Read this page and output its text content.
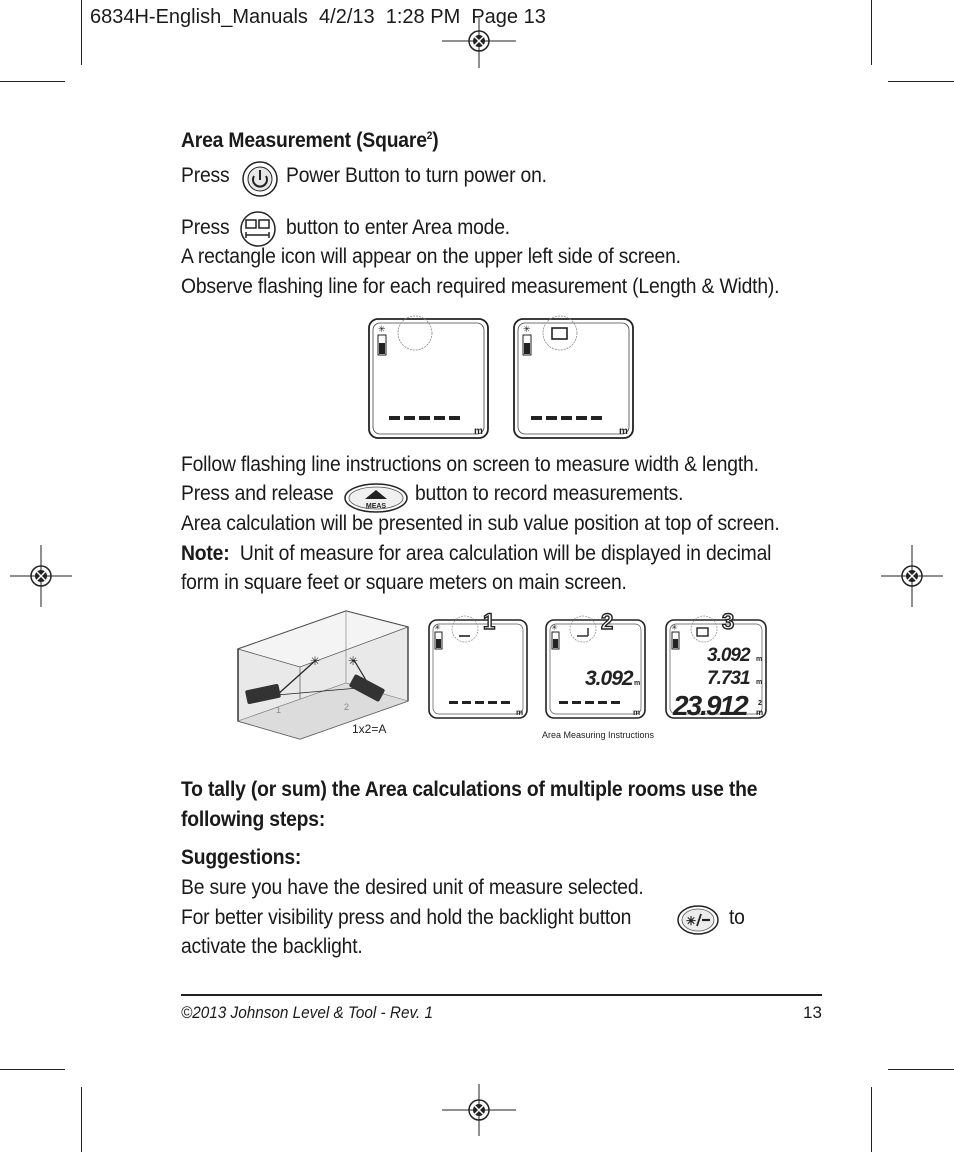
6834H-English_Manuals  4/2/13  1:28 PM  Page 13
Area Measurement (Square$^2$)
Press	Power Button to turn power on.
Press	button to enter Area mode.
A rectangle icon will appear on the upper left side of screen.
Observe flashing line for each required measurement (Length & Width).
✳
m
✳
m
Follow flashing line instructions on screen to measure width & length.
Press and release
MEAS
button to record measurements.
Area calculation will be presented in sub value position at top of screen.
Note: Unit of measure for area calculation will be displayed in decimal
form in square feet or square meters on main screen.
✳ ✳
1	2
1x2=A
✳ 1
m
✳ 2
3.092 m
m
✳ 3
3.092 m
7.731 m
23.912	2
m
Area Measuring Instructions
To tally (or sum) the Area calculations of multiple rooms use the
following steps:
Suggestions:
Be sure you have the desired unit of measure selected.
For better visibility press and hold the backlight button	✳ to
activate the backlight.
©2013 Johnson Level & Tool - Rev. 1	13
